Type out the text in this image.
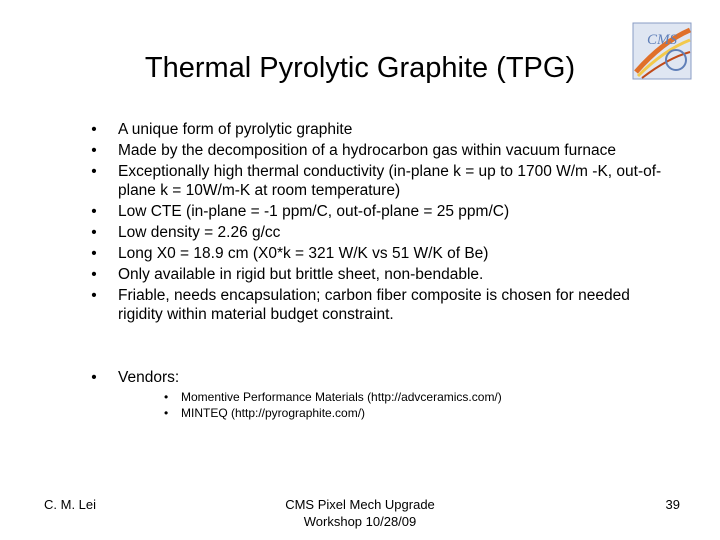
Thermal Pyrolytic Graphite (TPG)
CMS
• A unique form of pyrolytic graphite
• Made by the decomposition of a hydrocarbon gas within vacuum furnace
• Exceptionally high thermal conductivity (in-plane k = up to 1700 W/m -K, out-of-plane k = 10W/m-K at room temperature)
• Low CTE (in-plane = -1 ppm/C, out-of-plane = 25 ppm/C)
• Low density = 2.26 g/cc
• Long X0 = 18.9 cm (X0*k = 321 W/K vs 51 W/K of Be)
• Only available in rigid but brittle sheet, non-bendable.
• Friable, needs encapsulation; carbon fiber composite is chosen for needed rigidity within material budget constraint.
• Vendors:
• Momentive Performance Materials (http://advceramics.com/)
• MINTEQ (http://pyrographite.com/)
C. M. Lei	CMS Pixel Mech Upgrade
Workshop 10/28/09
39
